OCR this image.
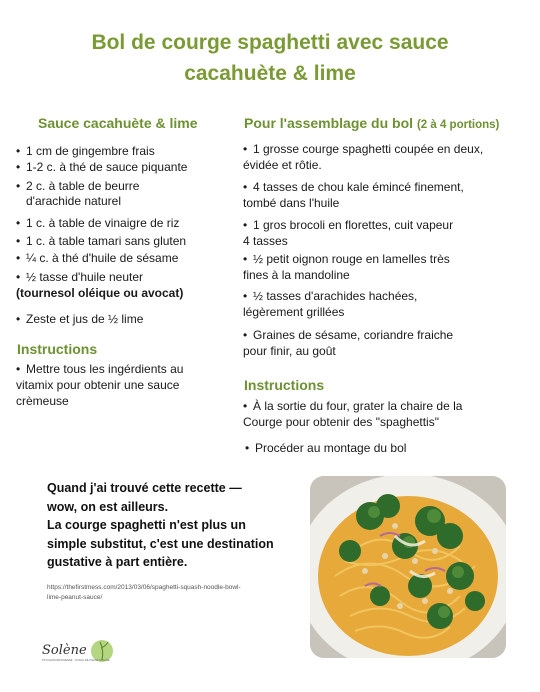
Bol de courge spaghetti avec sauce
cacahuète & lime
Sauce cacahuète & lime
• 1 cm de gingembre frais
• 1-2 c. à thé de sauce piquante
• 2 c. à table de beurre
d'arachide naturel
• 1 c. à table de vinaigre de riz
• 1 c. à table tamari sans gluten
• ¼ c. à thé d'huile de sésame
• ½ tasse d'huile neuter
(tournesol oléique ou avocat)
• Zeste et jus de ½ lime
Instructions
• Mettre tous les ingérdients au
vitamix pour obtenir une sauce
crèmeuse
Pour l'assemblage du bol (2 à 4 portions)
• 1 grosse courge spaghetti coupée en deux,
évidée et rôtie.
• 4 tasses de chou kale émincé finement,
tombé dans l'huile
• 1 gros brocoli en florettes, cuit vapeur
4 tasses
• ½ petit oignon rouge en lamelles très
fines à la mandoline
• ½ tasses d'arachides hachées,
légèrement grillées
• Graines de sésame, coriandre fraiche
pour finir, au goût
Instructions
• À la sortie du four, grater la chaire de la
Courge pour obtenir des "spaghettis"
• Procéder au montage du bol
Quand j'ai trouvé cette recette —
wow, on est ailleurs.
La courge spaghetti n'est plus un
simple substitut, c'est une destination
gustative à part entière.
https://thefirstmess.com/2013/03/06/spaghetti-squash-noodle-bowl-
lime-peanut-sauce/
Solène
PSYCHOSOMATICIENNE · COACH DE PLEINE NATURE
